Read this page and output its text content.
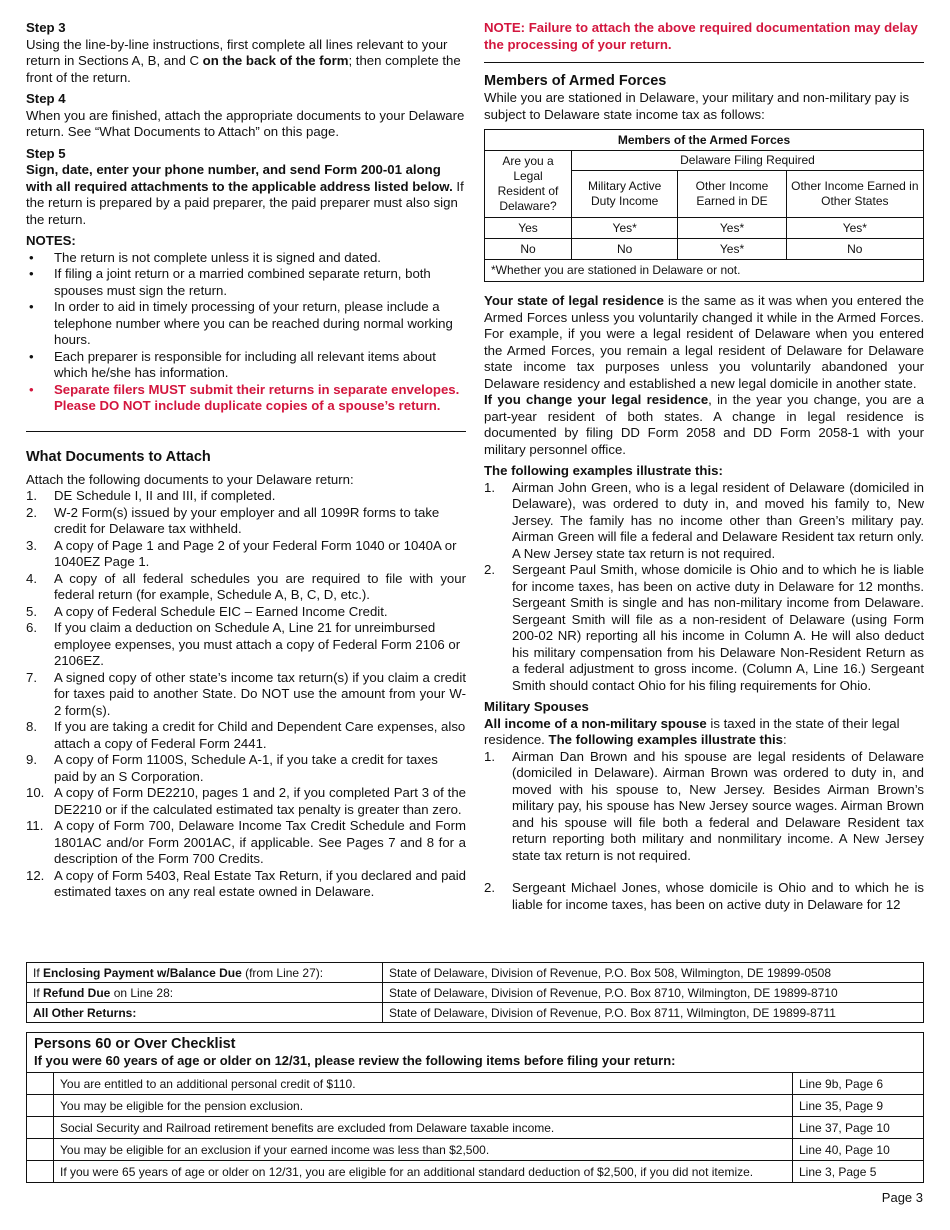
Step 3

Using the line-by-line instructions, first complete all lines relevant to your return in Sections A, B, and C on the back of the form; then complete the front of the return.

Step 4

When you are finished, attach the appropriate documents to your Delaware return. See “What Documents to Attach” on this page.

Step 5

Sign, date, enter your phone number, and send Form 200-01 along with all required attachments to the applicable address listed below. If the return is prepared by a paid preparer, the paid preparer must also sign the return.

NOTES:

• The return is not complete unless it is signed and dated.
• If filing a joint return or a married combined separate return, both spouses must sign the return.
• In order to aid in timely processing of your return, please include a telephone number where you can be reached during normal working hours.
• Each preparer is responsible for including all relevant items about which he/she has information.
• Separate filers MUST submit their returns in separate envelopes. Please DO NOT include duplicate copies of a spouse’s return.
What Documents to Attach

Attach the following documents to your Delaware return:

1. DE Schedule I, II and III, if completed.
2. W-2 Form(s) issued by your employer and all 1099R forms to take credit for Delaware tax withheld.
3. A copy of Page 1 and Page 2 of your Federal Form 1040 or 1040A or 1040EZ Page 1.
4. A copy of all federal schedules you are required to file with your federal return (for example, Schedule A, B, C, D, etc.).
5. A copy of Federal Schedule EIC – Earned Income Credit.
6. If you claim a deduction on Schedule A, Line 21 for unreimbursed employee expenses, you must attach a copy of Federal Form 2106 or 2106EZ.
7. A signed copy of other state’s income tax return(s) if you claim a credit for taxes paid to another State. Do NOT use the amount from your W-2 form(s).
8. If you are taking a credit for Child and Dependent Care expenses, also attach a copy of Federal Form 2441.
9. A copy of Form 1100S, Schedule A-1, if you take a credit for taxes paid by an S Corporation.
10. A copy of Form DE2210, pages 1 and 2, if you completed Part 3 of the DE2210 or if the calculated estimated tax penalty is greater than zero.
11. A copy of Form 700, Delaware Income Tax Credit Schedule and Form 1801AC and/or Form 2001AC, if applicable. See Pages 7 and 8 for a description of the Form 700 Credits.
12. A copy of Form 5403, Real Estate Tax Return, if you declared and paid estimated taxes on any real estate owned in Delaware.

NOTE: Failure to attach the above required documentation may delay the processing of your return.

Members of Armed Forces

While you are stationed in Delaware, your military and non-military pay is subject to Delaware state income tax as follows:

Members of the Armed Forces			
Are you a Legal Resident of Delaware?	Delaware Filing Required		
	Military Active Duty Income	Other Income Earned in DE	Other Income Earned in Other States
Yes	Yes*	Yes*	Yes*
No	No	Yes*	No
*Whether you are stationed in Delaware or not.			

Your state of legal residence is the same as it was when you entered the Armed Forces unless you voluntarily changed it while in the Armed Forces. For example, if you were a legal resident of Delaware when you entered the Armed Forces, you remain a legal resident of Delaware for Delaware state income tax purposes unless you voluntarily abandoned your Delaware residency and established a new legal domicile in another state.

If you change your legal residence, in the year you change, you are a part-year resident of both states. A change in legal residence is documented by filing DD Form 2058 and DD Form 2058-1 with your military personnel office.

The following examples illustrate this:

1. Airman John Green, who is a legal resident of Delaware (domiciled in Delaware), was ordered to duty in, and moved his family to, New Jersey. The family has no income other than Green’s military pay. Airman Green will file a federal and Delaware Resident tax return only. A New Jersey state tax return is not required.
2. Sergeant Paul Smith, whose domicile is Ohio and to which he is liable for income taxes, has been on active duty in Delaware for 12 months. Sergeant Smith is single and has non-military income from Delaware. Sergeant Smith will file as a non-resident of Delaware (using Form 200-02 NR) reporting all his income in Column A. He will also deduct his military compensation from his Delaware Non-Resident Return as a federal adjustment to gross income. (Column A, Line 16.) Sergeant Smith should contact Ohio for his filing requirements for Ohio.

Military Spouses

All income of a non-military spouse is taxed in the state of their legal residence. The following examples illustrate this:

1. Airman Dan Brown and his spouse are legal residents of Delaware (domiciled in Delaware). Airman Brown was ordered to duty in, and moved with his spouse to, New Jersey. Besides Airman Brown’s military pay, his spouse has New Jersey source wages. Airman Brown and his spouse will file both a federal and Delaware Resident tax return reporting both military and nonmilitary income. A New Jersey state tax return is not required.
2. Sergeant Michael Jones, whose domicile is Ohio and to which he is liable for income taxes, has been on active duty in Delaware for 12
If Enclosing Payment w/Balance Due (from Line 27):	State of Delaware, Division of Revenue, P.O. Box 508, Wilmington, DE 19899-0508
If Refund Due on Line 28:	State of Delaware, Division of Revenue, P.O. Box 8710, Wilmington, DE 19899-8710
All Other Returns:	State of Delaware, Division of Revenue, P.O. Box 8711, Wilmington, DE 19899-8711
Persons 60 or Over Checklist
If you were 60 years of age or older on 12/31, please review the following items before filing your return:
	You are entitled to an additional personal credit of $110.	Line 9b, Page 6
	You may be eligible for the pension exclusion.	Line 35, Page 9
	Social Security and Railroad retirement benefits are excluded from Delaware taxable income.	Line 37, Page 10
	You may be eligible for an exclusion if your earned income was less than $2,500.	Line 40, Page 10
	If you were 65 years of age or older on 12/31, you are eligible for an additional standard deduction of $2,500, if you did not itemize.	Line 3, Page 5
Page 3
